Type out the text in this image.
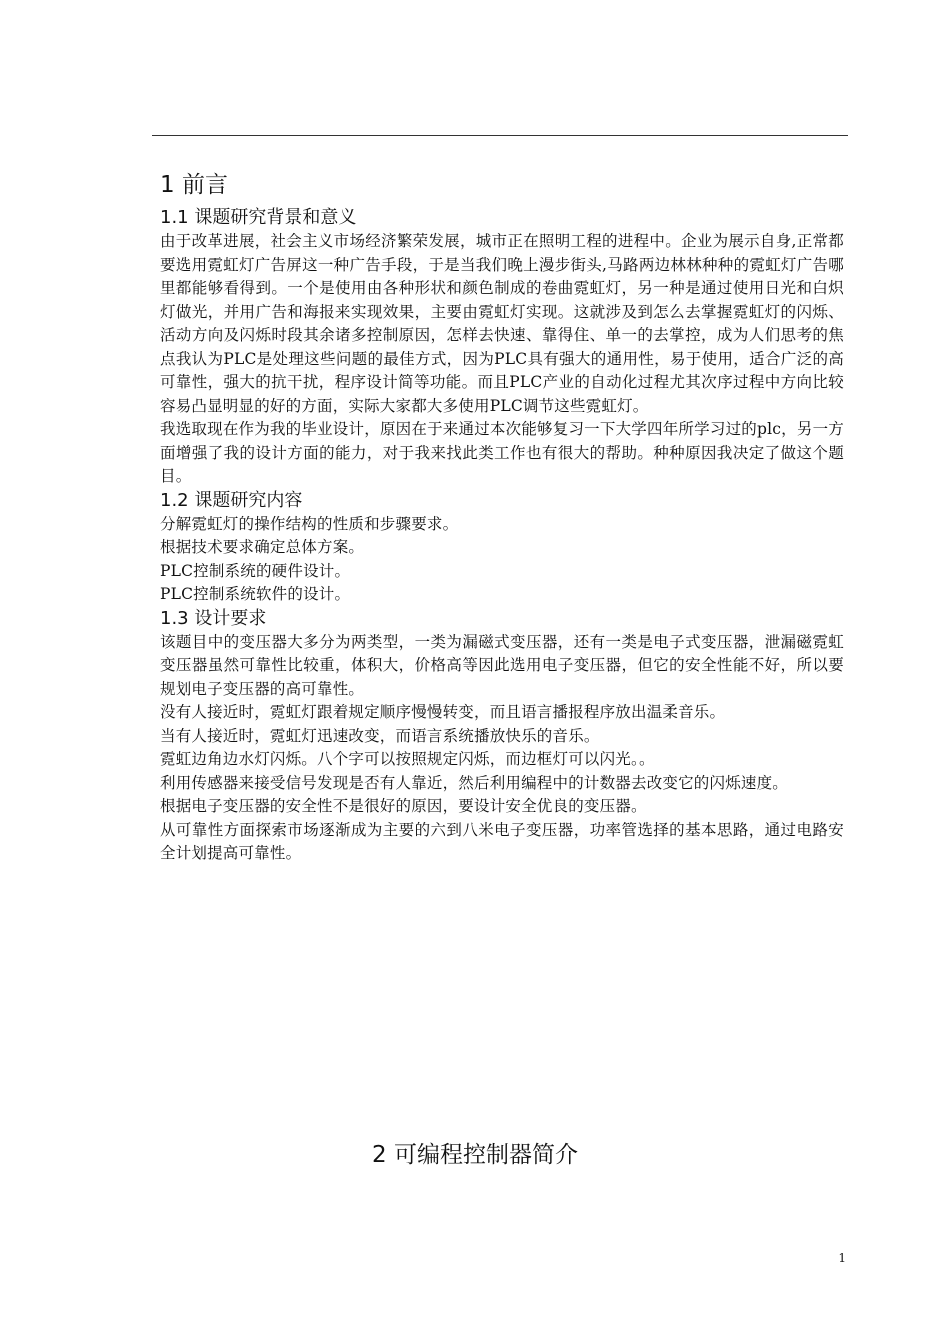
1 前言
1.1 课题研究背景和意义

由于改革进展，社会主义市场经济繁荣发展，城市正在照明工程的进程中。企业为展示自身,正常都要选用霓虹灯广告屏这一种广告手段，于是当我们晚上漫步街头,马路两边林林种种的霓虹灯广告哪里都能够看得到。一个是使用由各种形状和颜色制成的卷曲霓虹灯，另一种是通过使用日光和白炽灯做光，并用广告和海报来实现效果，主要由霓虹灯实现。这就涉及到怎么去掌握霓虹灯的闪烁、活动方向及闪烁时段其余诸多控制原因，怎样去快速、靠得住、单一的去掌控，成为人们思考的焦点我认为PLC是处理这些问题的最佳方式，因为PLC具有强大的通用性，易于使用，适合广泛的高可靠性，强大的抗干扰，程序设计简等功能。而且PLC产业的自动化过程尤其次序过程中方向比较容易凸显明显的好的方面，实际大家都大多使用PLC调节这些霓虹灯。

我选取现在作为我的毕业设计，原因在于来通过本次能够复习一下大学四年所学习过的plc，另一方面增强了我的设计方面的能力，对于我来找此类工作也有很大的帮助。种种原因我决定了做这个题目。

1.2 课题研究内容

分解霓虹灯的操作结构的性质和步骤要求。

根据技术要求确定总体方案。

PLC控制系统的硬件设计。

PLC控制系统软件的设计。

1.3 设计要求

该题目中的变压器大多分为两类型，一类为漏磁式变压器，还有一类是电子式变压器，泄漏磁霓虹变压器虽然可靠性比较重，体积大，价格高等因此选用电子变压器，但它的安全性能不好，所以要规划电子变压器的高可靠性。

没有人接近时，霓虹灯跟着规定顺序慢慢转变，而且语言播报程序放出温柔音乐。

当有人接近时，霓虹灯迅速改变，而语言系统播放快乐的音乐。

霓虹边角边水灯闪烁。八个字可以按照规定闪烁，而边框灯可以闪光。。

利用传感器来接受信号发现是否有人靠近，然后利用编程中的计数器去改变它的闪烁速度。

根据电子变压器的安全性不是很好的原因，要设计安全优良的变压器。

从可靠性方面探索市场逐渐成为主要的六到八米电子变压器，功率管选择的基本思路，通过电路安全计划提高可靠性。

2 可编程控制器简介
1
